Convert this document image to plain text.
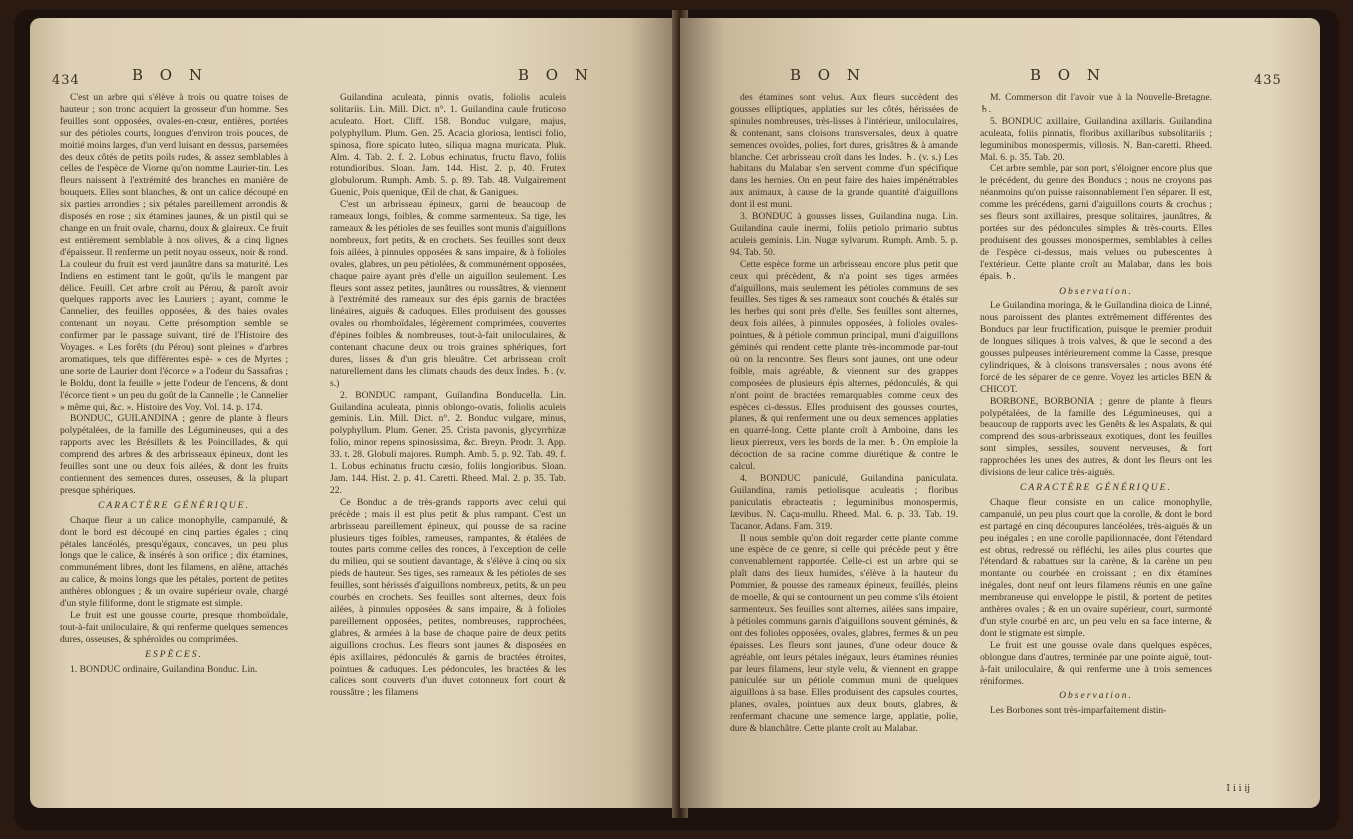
434	B O N	B O N

C'est un arbre qui s'élève à trois ou quatre toises de hauteur ; son tronc acquiert la grosseur d'un homme. Ses feuilles sont opposées, ovales-en-cœur, entières, portées sur des pétioles courts, longues d'environ trois pouces, de moitié moins larges, d'un verd luisant en dessus, parsemées des deux côtés de petits poils rudes, & assez semblables à celles de l'espèce de Viorne qu'on nomme Laurier-tin. Les fleurs naissent à l'extrémité des branches en manière de bouquets. Elles sont blanches, & ont un calice découpé en six parties arrondies ; six pétales pareillement arrondis & disposés en rose ; six étamines jaunes, & un pistil qui se change en un fruit ovale, charnu, doux & glaireux. Ce fruit est entièrement semblable à nos olives, & a cinq lignes d'épaisseur. Il renferme un petit noyau osseux, noir & rond. La couleur du fruit est verd jaunâtre dans sa maturité. Les Indiens en estiment tant le goût, qu'ils le mangent par délice. Feuill. Cet arbre croît au Pérou, & paroît avoir quelques rapports avec les Lauriers ; ayant, comme le Cannelier, des feuilles opposées, & des baies ovales contenant un noyau. Cette présomption semble se confirmer par le passage suivant, tiré de l'Histoire des Voyages. « Les forêts (du Pérou) sont pleines » d'arbres aromatiques, tels que différentes espè- » ces de Myrtes ; une sorte de Laurier dont l'écorce » a l'odeur du Sassafras ; le Boldu, dont la feuille » jette l'odeur de l'encens, & dont l'écorce tient » un peu du goût de la Cannelle ; le Cannelier » même qui, &c. ». Histoire des Voy. Vol. 14. p. 174.

BONDUC, GUILANDINA ; genre de plante à fleurs polypétalées, de la famille des Légumineuses, qui a des rapports avec les Brésillets & les Poincillades, & qui comprend des arbres & des arbrisseaux épineux, dont les feuilles sont une ou deux fois ailées, & dont les fruits contiennent des semences dures, osseuses, & la plupart presque sphériques.

CARACTÈRE GÉNÉRIQUE.

Chaque fleur a un calice monophylle, campanulé, & dont le bord est découpé en cinq parties égales ; cinq pétales lancéolés, presqu'égaux, concaves, un peu plus longs que le calice, & insérés à son orifice ; dix étamines, communément libres, dont les filamens, en alêne, attachés au calice, & moins longs que les pétales, portent de petites anthères oblongues ; & un ovaire supérieur ovale, chargé d'un style filiforme, dont le stigmate est simple.

Le fruit est une gousse courte, presque rhomboïdale, tout-à-fait uniloculaire, & qui renferme quelques semences dures, osseuses, & sphéroïdes ou comprimées.

ESPÈCES.

1. BONDUC ordinaire, Guilandina Bonduc. Lin.

Guilandina aculeata, pinnis ovatis, foliolis aculeis solitariis. Lin. Mill. Dict. n°. 1. Guilandina caule fruticoso aculeato. Hort. Cliff. 158. Bonduc vulgare, majus, polyphyllum. Plum. Gen. 25. Acacia gloriosa, lentisci folio, spinosa, flore spicato luteo, siliqua magna muricata. Pluk. Alm. 4. Tab. 2. f. 2. Lobus echinatus, fructu flavo, foliis rotundioribus. Sloan. Jam. 144. Hist. 2. p. 40. Frutex globulorum. Rumph. Amb. 5. p. 89. Tab. 48. Vulgairement Guenic, Pois quenique, Œil de chat, & Ganigues.

C'est un arbrisseau épineux, garni de beaucoup de rameaux longs, foibles, & comme sarmenteux. Sa tige, les rameaux & les pétioles de ses feuilles sont munis d'aiguillons nombreux, fort petits, & en crochets. Ses feuilles sont deux fois ailées, à pinnules opposées & sans impaire, & à folioles ovales, glabres, un peu pétiolées, & communément opposées, chaque paire ayant près d'elle un aiguillon seulement. Les fleurs sont assez petites, jaunâtres ou roussâtres, & viennent à l'extrémité des rameaux sur des épis garnis de bractées linéaires, aiguës & caduques. Elles produisent des gousses ovales ou rhomboïdales, légèrement comprimées, couvertes d'épines foibles & nombreuses, tout-à-fait uniloculaires, & contenant chacune deux ou trois graines sphériques, fort dures, lisses & d'un gris bleuâtre. Cet arbrisseau croît naturellement dans les climats chauds des deux Indes. ♄. (v. s.)

2. BONDUC rampant, Guilandina Bonducella. Lin. Guilandina aculeata, pinnis oblongo-ovatis, foliolis aculeis geminis. Lin. Mill. Dict. n°. 2. Bonduc vulgare, minus, polyphyllum. Plum. Gener. 25. Crista pavonis, glycyrrhizæ folio, minor repens spinosissima, &c. Breyn. Prodr. 3. App. 33. t. 28. Globuli majores. Rumph. Amb. 5. p. 92. Tab. 49. f. 1. Lobus echinatus fructu cæsio, foliis longioribus. Sloan. Jam. 144. Hist. 2. p. 41. Caretti. Rheed. Mal. 2. p. 35. Tab. 22.

Ce Bonduc a de très-grands rapports avec celui qui précède ; mais il est plus petit & plus rampant. C'est un arbrisseau pareillement épineux, qui pousse de sa racine plusieurs tiges foibles, rameuses, rampantes, & étalées de toutes parts comme celles des ronces, à l'exception de celle du milieu, qui se soutient davantage, & s'élève à cinq ou six pieds de hauteur. Ses tiges, ses rameaux & les pétioles de ses feuilles, sont hérissés d'aiguillons nombreux, petits, & un peu courbés en crochets. Ses feuilles sont alternes, deux fois ailées, à pinnules opposées & sans impaire, & à folioles pareillement opposées, petites, nombreuses, rapprochées, glabres, & armées à la base de chaque paire de deux petits aiguillons crochus. Les fleurs sont jaunes & disposées en épis axillaires, pédonculés & garnis de bractées étroites, pointues & caduques. Les pédoncules, les bractées & les calices sont couverts d'un duvet cotonneux fort court & roussâtre ; les filamens

B O N	B O N	435

des étamines sont velus. Aux fleurs succèdent des gousses elliptiques, applaties sur les côtés, hérissées de spinules nombreuses, très-lisses à l'intérieur, uniloculaires, & contenant, sans cloisons transversales, deux à quatre semences ovoïdes, polies, fort dures, grisâtres & à amande blanche. Cet arbrisseau croît dans les Indes. ♄. (v. s.) Les habitans du Malabar s'en servent comme d'un spécifique dans les hernies. On en peut faire des haies impénétrables aux animaux, à cause de la grande quantité d'aiguillons dont il est muni.

3. BONDUC à gousses lisses, Guilandina nuga. Lin. Guilandina caule inermi, foliis petiolo primario subtus aculeis geminis. Lin. Nugæ sylvarum. Rumph. Amb. 5. p. 94. Tab. 50.

Cette espèce forme un arbrisseau encore plus petit que ceux qui précèdent, & n'a point ses tiges armées d'aiguillons, mais seulement les pétioles communs de ses feuilles. Ses tiges & ses rameaux sont couchés & étalés sur les herbes qui sont près d'elle. Ses feuilles sont alternes, deux fois ailées, à pinnules opposées, à folioles ovales-pointues, & à pétiole commun principal, muni d'aiguillons géminés qui rendent cette plante très-incommode par-tout où on la rencontre. Ses fleurs sont jaunes, ont une odeur foible, mais agréable, & viennent sur des grappes composées de plusieurs épis alternes, pédonculés, & qui n'ont point de bractées remarquables comme ceux des espèces ci-dessus. Elles produisent des gousses courtes, planes, & qui renferment une ou deux semences applaties en quarré-long. Cette plante croît à Amboine, dans les lieux pierreux, vers les bords de la mer. ♄. On emploie la décoction de sa racine comme diurétique & contre le calcul.

4. BONDUC paniculé, Guilandina paniculata. Guilandina, ramis petiolisque aculeatis ; floribus paniculatis ebracteatis ; leguminibus monospermis, lævibus. N. Caçu-mullu. Rheed. Mal. 6. p. 33. Tab. 19. Tacanor. Adans. Fam. 319.

Il nous semble qu'on doit regarder cette plante comme une espèce de ce genre, si celle qui précède peut y être convenablement rapportée. Celle-ci est un arbre qui se plaît dans des lieux humides, s'élève à la hauteur du Pommier, & pousse des rameaux épineux, feuillés, pleins de moelle, & qui se contournent un peu comme s'ils étoient sarmenteux. Ses feuilles sont alternes, ailées sans impaire, à pétioles communs garnis d'aiguillons souvent géminés, & ont des folioles opposées, ovales, glabres, fermes & un peu épaisses. Les fleurs sont jaunes, d'une odeur douce & agréable, ont leurs pétales inégaux, leurs étamines réunies par leurs filamens, leur style velu, & viennent en grappe paniculée sur un pétiole commun muni de quelques aiguillons à sa base. Elles produisent des capsules courtes, planes, ovales, pointues aux deux bouts, glabres, & renfermant chacune une semence large, applatie, polie, dure & blanchâtre. Cette plante croît au Malabar.

M. Commerson dit l'avoir vue à la Nouvelle-Bretagne. ♄.

5. BONDUC axillaire, Guilandina axillaris. Guilandina aculeata, foliis pinnatis, floribus axillaribus subsolitariis ; leguminibus monospermis, villosis. N. Ban-caretti. Rheed. Mal. 6. p. 35. Tab. 20.

Cet arbre semble, par son port, s'éloigner encore plus que le précédent, du genre des Bonducs ; nous ne croyons pas néanmoins qu'on puisse raisonnablement l'en séparer. Il est, comme les précédens, garni d'aiguillons courts & crochus ; ses fleurs sont axillaires, presque solitaires, jaunâtres, & portées sur des pédoncules simples & très-courts. Elles produisent des gousses monospermes, semblables à celles de l'espèce ci-dessus, mais velues ou pubescentes à l'extérieur. Cette plante croît au Malabar, dans les bois épais. ♄.

Observation.

Le Guilandina moringa, & le Guilandina dioica de Linné, nous paroissent des plantes extrêmement différentes des Bonducs par leur fructification, puisque le premier produit de longues siliques à trois valves, & que le second a des gousses pulpeuses intérieurement comme la Casse, presque cylindriques, & à cloisons transversales ; nous avons été forcé de les séparer de ce genre. Voyez les articles BEN & CHICOT.

BORBONE, BORBONIA ; genre de plante à fleurs polypétalées, de la famille des Légumineuses, qui a beaucoup de rapports avec les Genêts & les Aspalats, & qui comprend des sous-arbrisseaux exotiques, dont les feuilles sont simples, sessiles, souvent nerveuses, & fort rapprochées les unes des autres, & dont les fleurs ont les divisions de leur calice très-aiguës.

CARACTÈRE GÉNÉRIQUE.

Chaque fleur consiste en un calice monophylle, campanulé, un peu plus court que la corolle, & dont le bord est partagé en cinq découpures lancéolées, très-aiguës & un peu inégales ; en une corolle papilionnacée, dont l'étendard est obtus, redressé ou réfléchi, les ailes plus courtes que l'étendard & rabattues sur la carène, & la carène un peu montante ou courbée en croissant ; en dix étamines inégales, dont neuf ont leurs filamens réunis en une gaîne membraneuse qui enveloppe le pistil, & portent de petites anthères ovales ; & en un ovaire supérieur, court, surmonté d'un style courbé en arc, un peu velu en sa face interne, & dont le stigmate est simple.

Le fruit est une gousse ovale dans quelques espèces, oblongue dans d'autres, terminée par une pointe aiguë, tout-à-fait uniloculaire, & qui renferme une à trois semences réniformes.

Observation.

Les Borbones sont très-imparfaitement distin-

I i i ij
